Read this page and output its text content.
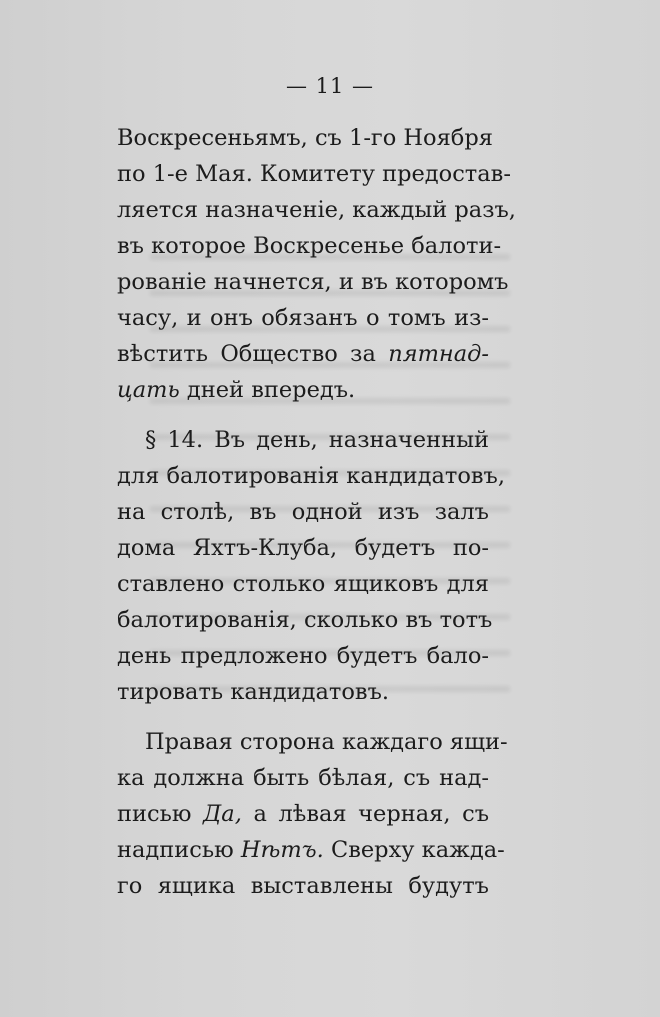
— 11 —
Воскресеньямъ, съ 1-го Ноября
по 1-е Мая. Комитету предостав-
ляется назначеніе, каждый разъ,
въ которое Воскресенье балоти-
рованіе начнется, и въ которомъ
часу, и онъ обязанъ о томъ из-
вѣстить Общество за пятнад-
цать дней впередъ.
§ 14. Въ день, назначенный
для балотированія кандидатовъ,
на столѣ, въ одной изъ залъ
дома Яхтъ-Клуба, будетъ по-
ставлено столько ящиковъ для
балотированія, сколько въ тотъ
день предложено будетъ бало-
тировать кандидатовъ.
Правая сторона каждаго ящи-
ка должна быть бѣлая, съ над-
писью Да, а лѣвая черная, съ
надписью Нѣтъ. Сверху кажда-
го ящика выставлены будутъ
